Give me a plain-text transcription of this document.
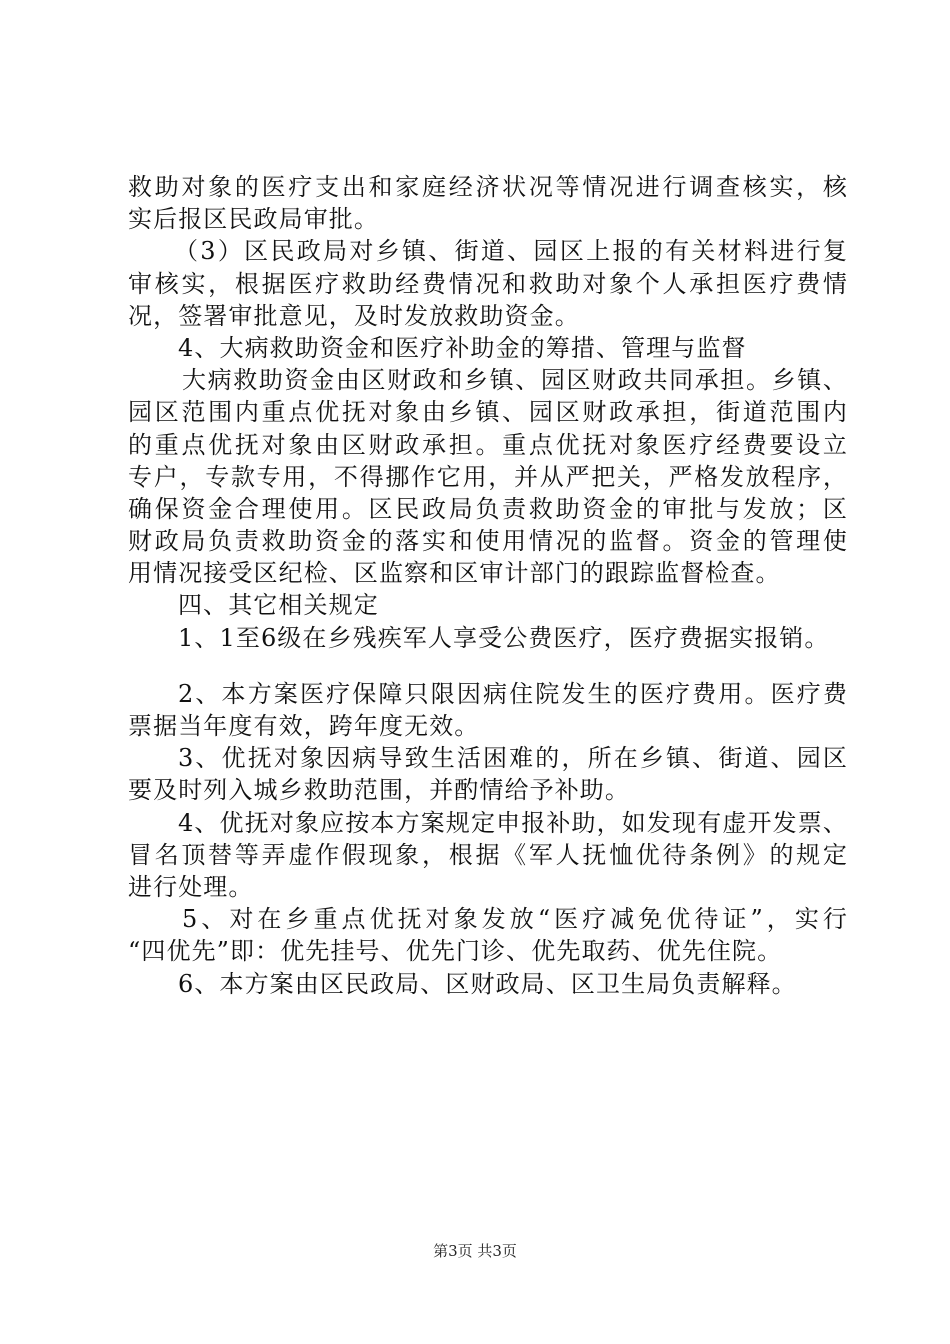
救助对象的医疗支出和家庭经济状况等情况进行调查核实，核
实后报区民政局审批。
（3）区民政局对乡镇、街道、园区上报的有关材料进行复
审核实，根据医疗救助经费情况和救助对象个人承担医疗费情
况，签署审批意见，及时发放救助资金。
4、大病救助资金和医疗补助金的筹措、管理与监督
大病救助资金由区财政和乡镇、园区财政共同承担。乡镇、
园区范围内重点优抚对象由乡镇、园区财政承担，街道范围内
的重点优抚对象由区财政承担。重点优抚对象医疗经费要设立
专户，专款专用，不得挪作它用，并从严把关，严格发放程序，
确保资金合理使用。区民政局负责救助资金的审批与发放；区
财政局负责救助资金的落实和使用情况的监督。资金的管理使
用情况接受区纪检、区监察和区审计部门的跟踪监督检查。
四、其它相关规定
1、1至6级在乡残疾军人享受公费医疗，医疗费据实报销。
2、本方案医疗保障只限因病住院发生的医疗费用。医疗费
票据当年度有效，跨年度无效。
3、优抚对象因病导致生活困难的，所在乡镇、街道、园区
要及时列入城乡救助范围，并酌情给予补助。
4、优抚对象应按本方案规定申报补助，如发现有虚开发票、
冒名顶替等弄虚作假现象，根据《军人抚恤优待条例》的规定
进行处理。
5、对在乡重点优抚对象发放“医疗减免优待证”，实行
“四优先”即：优先挂号、优先门诊、优先取药、优先住院。
6、本方案由区民政局、区财政局、区卫生局负责解释。
第3页 共3页
